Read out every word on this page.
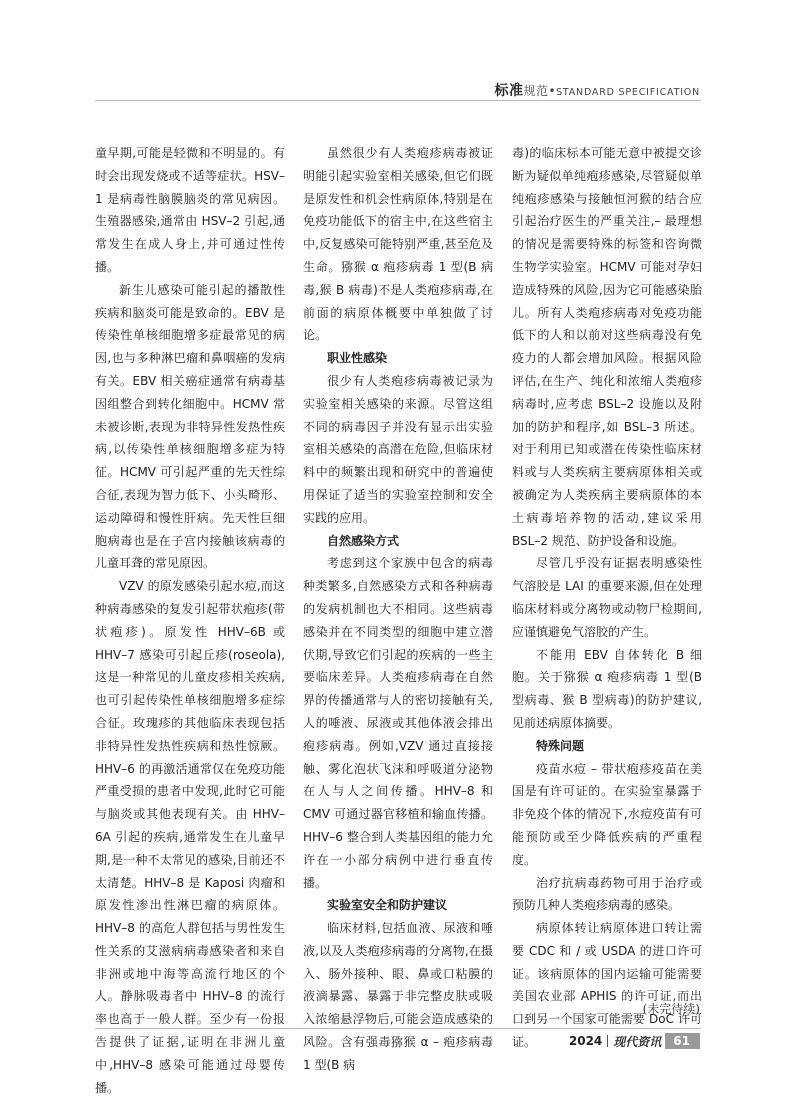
标准规范•STANDARD SPECIFICATION

童早期,可能是轻微和不明显的。有时会出现发烧或不适等症状。HSV–1 是病毒性脑膜脑炎的常见病因。生殖器感染,通常由 HSV–2 引起,通常发生在成人身上,并可通过性传播。

新生儿感染可能引起的播散性疾病和脑炎可能是致命的。EBV 是传染性单核细胞增多症最常见的病因,也与多种淋巴瘤和鼻咽癌的发病有关。EBV 相关癌症通常有病毒基因组整合到转化细胞中。HCMV 常未被诊断,表现为非特异性发热性疾病,以传染性单核细胞增多症为特征。HCMV 可引起严重的先天性综合征,表现为智力低下、小头畸形、运动障碍和慢性肝病。先天性巨细胞病毒也是在子宫内接触该病毒的儿童耳聋的常见原因。

VZV 的原发感染引起水痘,而这种病毒感染的复发引起带状疱疹(带状疱疹)。原发性 HHV–6B 或 HHV–7 感染可引起丘疹(roseola),这是一种常见的儿童皮疹相关疾病,也可引起传染性单核细胞增多症综合征。玫瑰疹的其他临床表现包括非特异性发热性疾病和热性惊厥。HHV–6 的再激活通常仅在免疫功能严重受损的患者中发现,此时它可能与脑炎或其他表现有关。由 HHV–6A 引起的疾病,通常发生在儿童早期,是一种不太常见的感染,目前还不太清楚。HHV–8 是 Kaposi 肉瘤和原发性渗出性淋巴瘤的病原体。HHV–8 的高危人群包括与男性发生性关系的艾滋病病毒感染者和来自非洲或地中海等高流行地区的个人。静脉吸毒者中 HHV–8 的流行率也高于一般人群。至少有一份报告提供了证据,证明在非洲儿童中,HHV–8 感染可能通过母婴传播。

虽然很少有人类疱疹病毒被证明能引起实验室相关感染,但它们既是原发性和机会性病原体,特别是在免疫功能低下的宿主中,在这些宿主中,反复感染可能特别严重,甚至危及生命。猕猴 α 疱疹病毒 1 型(B 病毒,猴 B 病毒)不是人类疱疹病毒,在前面的病原体概要中单独做了讨论。

职业性感染

很少有人类疱疹病毒被记录为实验室相关感染的来源。尽管这组不同的病毒因子并没有显示出实验室相关感染的高潜在危险,但临床材料中的频繁出现和研究中的普遍使用保证了适当的实验室控制和安全实践的应用。

自然感染方式

考虑到这个家族中包含的病毒种类繁多,自然感染方式和各种病毒的发病机制也大不相同。这些病毒感染并在不同类型的细胞中建立潜伏期,导致它们引起的疾病的一些主要临床差异。人类疱疹病毒在自然界的传播通常与人的密切接触有关,人的唾液、尿液或其他体液会排出疱疹病毒。例如,VZV 通过直接接触、雾化泡状飞沫和呼吸道分泌物在人与人之间传播。HHV–8 和 CMV 可通过器官移植和输血传播。HHV–6 整合到人类基因组的能力允许在一小部分病例中进行垂直传播。

实验室安全和防护建议

临床材料,包括血液、尿液和唾液,以及人类疱疹病毒的分离物,在摄入、肠外接种、眼、鼻或口粘膜的液滴暴露、暴露于非完整皮肤或吸入浓缩悬浮物后,可能会造成感染的风险。含有强毒猕猴 α – 疱疹病毒 1 型(B 病

毒)的临床标本可能无意中被提交诊断为疑似单纯疱疹感染,尽管疑似单纯疱疹感染与接触恒河猴的结合应引起治疗医生的严重关注,– 最理想的情况是需要特殊的标签和咨询微生物学实验室。HCMV 可能对孕妇造成特殊的风险,因为它可能感染胎儿。所有人类疱疹病毒对免疫功能低下的人和以前对这些病毒没有免疫力的人都会增加风险。根据风险评估,在生产、纯化和浓缩人类疱疹病毒时,应考虑 BSL–2 设施以及附加的防护和程序,如 BSL–3 所述。对于利用已知或潜在传染性临床材料或与人类疾病主要病原体相关或被确定为人类疾病主要病原体的本土病毒培养物的活动,建议采用 BSL–2 规范、防护设备和设施。

尽管几乎没有证据表明感染性气溶胶是 LAI 的重要来源,但在处理临床材料或分离物或动物尸检期间,应谨慎避免气溶胶的产生。

不能用 EBV 自体转化 B 细胞。关于猕猴 α 疱疹病毒 1 型(B 型病毒、猴 B 型病毒)的防护建议,见前述病原体摘要。

特殊问题

疫苗水痘 – 带状疱疹疫苗在美国是有许可证的。在实验室暴露于非免疫个体的情况下,水痘疫苗有可能预防或至少降低疾病的严重程度。

治疗抗病毒药物可用于治疗或预防几种人类疱疹病毒的感染。

病原体转让病原体进口转让需要 CDC 和 / 或 USDA 的进口许可证。该病原体的国内运输可能需要美国农业部 APHIS 的许可证,而出口到另一个国家可能需要 DoC 许可证。

(未完待续)
2024 现代资讯	61
